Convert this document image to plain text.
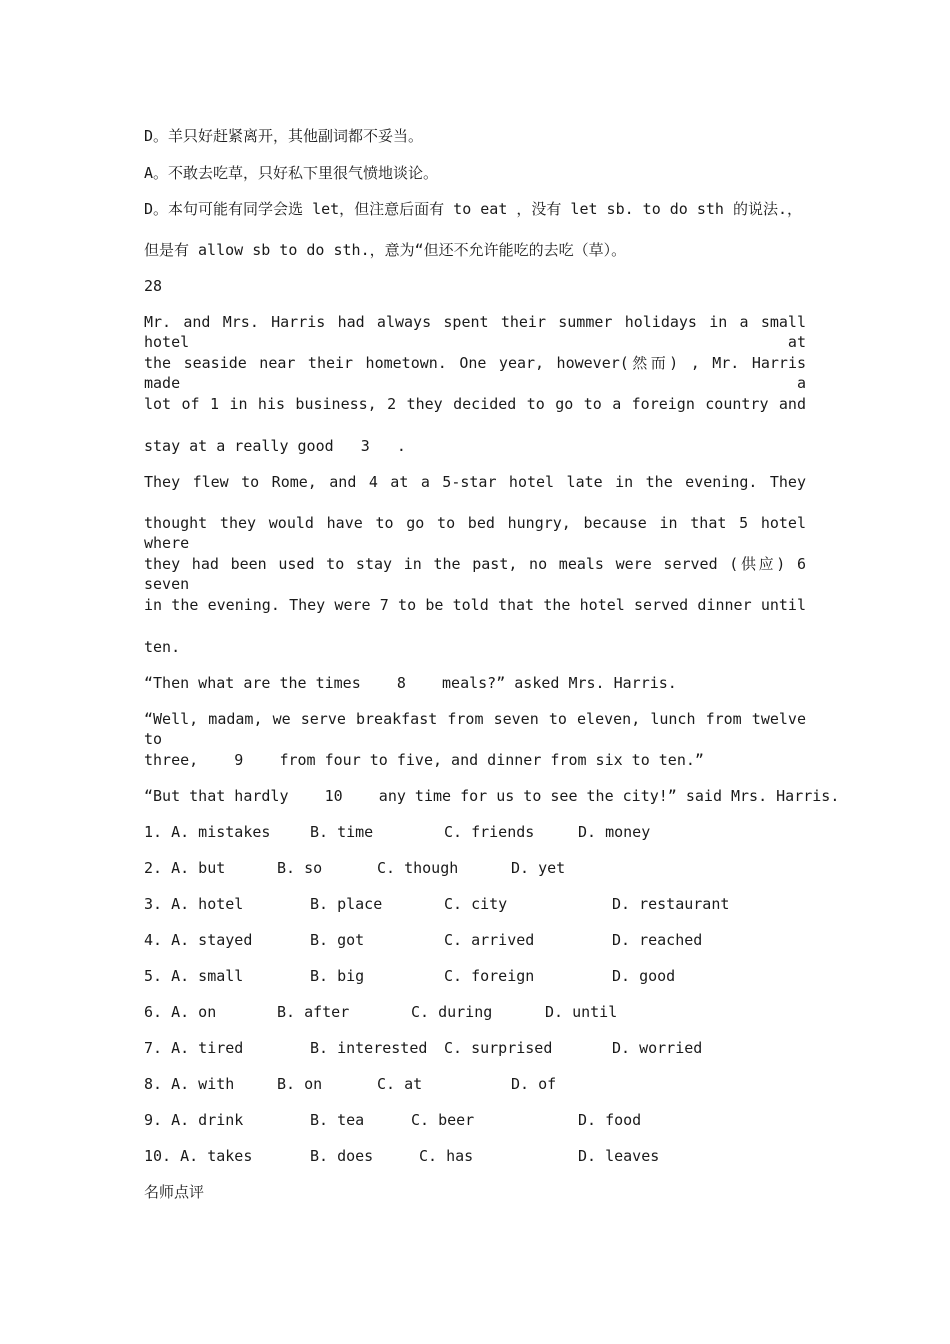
D。羊只好赶紧离开，其他副词都不妥当。
A。不敢去吃草，只好私下里很气愤地谈论。
D。本句可能有同学会选 let，但注意后面有 to eat ，没有 let sb. to do sth 的说法.，
但是有 allow sb to do sth.，意为“但还不允许能吃的去吃（草）。
28
Mr. and Mrs. Harris had always spent their summer holidays in a small hotel at
the seaside near their hometown. One year, however(然而) , Mr. Harris made a
lot of 1 in his business, 2 they decided to go to a foreign country and
stay at a really good   3   .
They flew to Rome, and 4 at a 5-star hotel late in the evening. They
thought they would have to go to bed hungry, because in that 5 hotel where
they had been used to stay in the past, no meals were served (供应) 6 seven
in the evening. They were 7 to be told that the hotel served dinner until
ten.
“Then what are the times    8    meals?” asked Mrs. Harris.
“Well, madam, we serve breakfast from seven to eleven, lunch from twelve to
three,    9    from four to five, and dinner from six to ten.”
“But that hardly    10    any time for us to see the city!” said Mrs. Harris.
1. A. mistakes	B. time	C. friends	D. money
2. A. but	B. so	C. though	D. yet
3. A. hotel	B. place	C. city	D. restaurant
4. A. stayed	B. got	C. arrived	D. reached
5. A. small	B. big	C. foreign	D. good
6. A. on	B. after	C. during	D. until
7. A. tired	B. interested C. surprised	D. worried
8. A. with	B. on	C. at	D. of
9. A. drink	B. tea	C. beer	D. food
10. A. takes	B. does	C. has	D. leaves
名师点评
